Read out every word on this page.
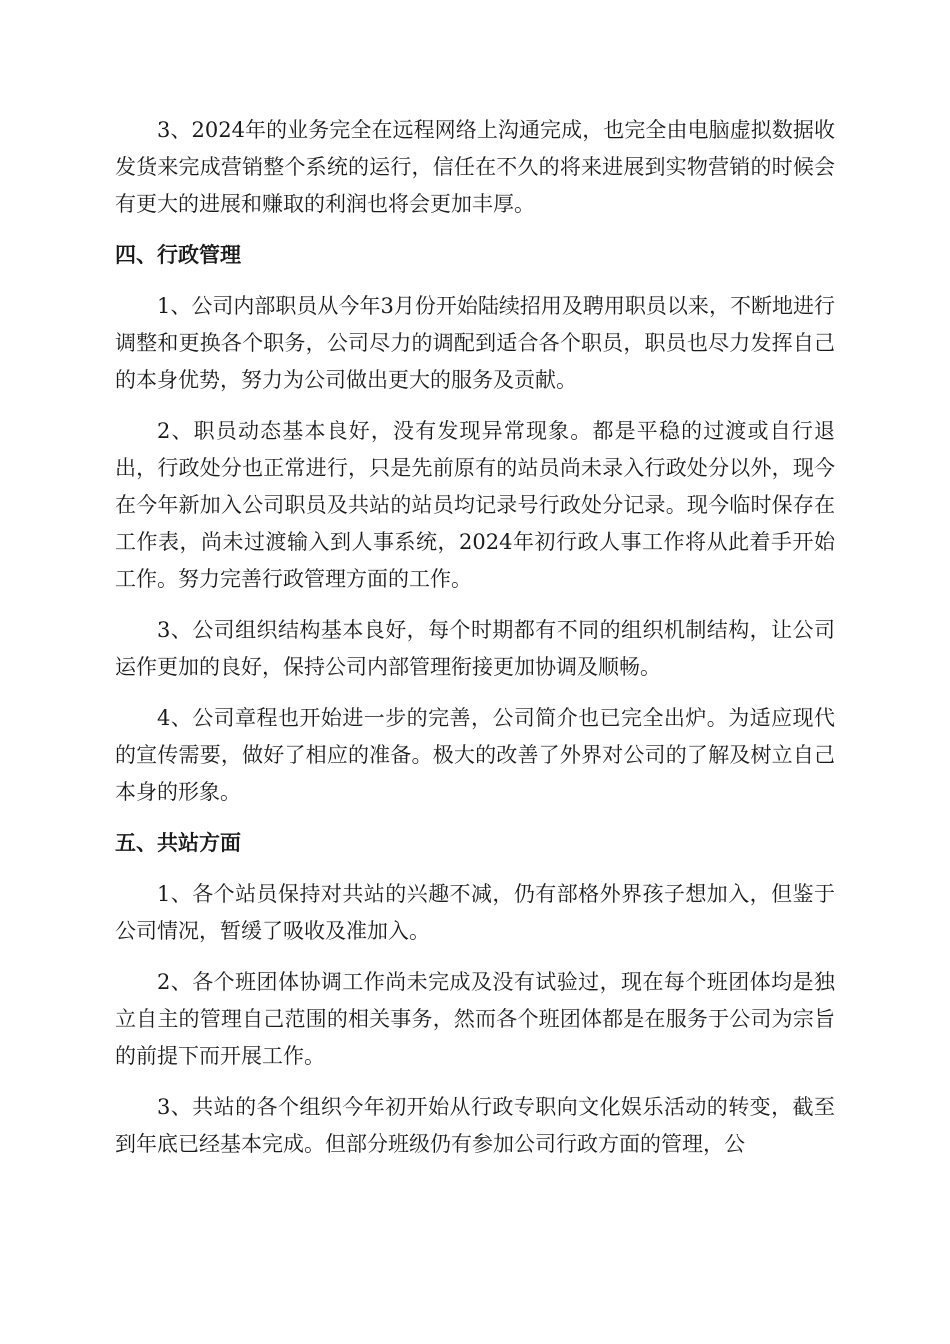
3、2024年的业务完全在远程网络上沟通完成，也完全由电脑虚拟数据收发货来完成营销整个系统的运行，信任在不久的将来进展到实物营销的时候会有更大的进展和赚取的利润也将会更加丰厚。

四、行政管理

1、公司内部职员从今年3月份开始陆续招用及聘用职员以来，不断地进行调整和更换各个职务，公司尽力的调配到适合各个职员，职员也尽力发挥自己的本身优势，努力为公司做出更大的服务及贡献。

2、职员动态基本良好，没有发现异常现象。都是平稳的过渡或自行退出，行政处分也正常进行，只是先前原有的站员尚未录入行政处分以外，现今在今年新加入公司职员及共站的站员均记录号行政处分记录。现今临时保存在工作表，尚未过渡输入到人事系统，2024年初行政人事工作将从此着手开始工作。努力完善行政管理方面的工作。

3、公司组织结构基本良好，每个时期都有不同的组织机制结构，让公司运作更加的良好，保持公司内部管理衔接更加协调及顺畅。

4、公司章程也开始进一步的完善，公司简介也已完全出炉。为适应现代的宣传需要，做好了相应的准备。极大的改善了外界对公司的了解及树立自己本身的形象。

五、共站方面

1、各个站员保持对共站的兴趣不减，仍有部格外界孩子想加入，但鉴于公司情况，暂缓了吸收及准加入。

2、各个班团体协调工作尚未完成及没有试验过，现在每个班团体均是独立自主的管理自己范围的相关事务，然而各个班团体都是在服务于公司为宗旨的前提下而开展工作。

3、共站的各个组织今年初开始从行政专职向文化娱乐活动的转变，截至到年底已经基本完成。但部分班级仍有参加公司行政方面的管理，公
